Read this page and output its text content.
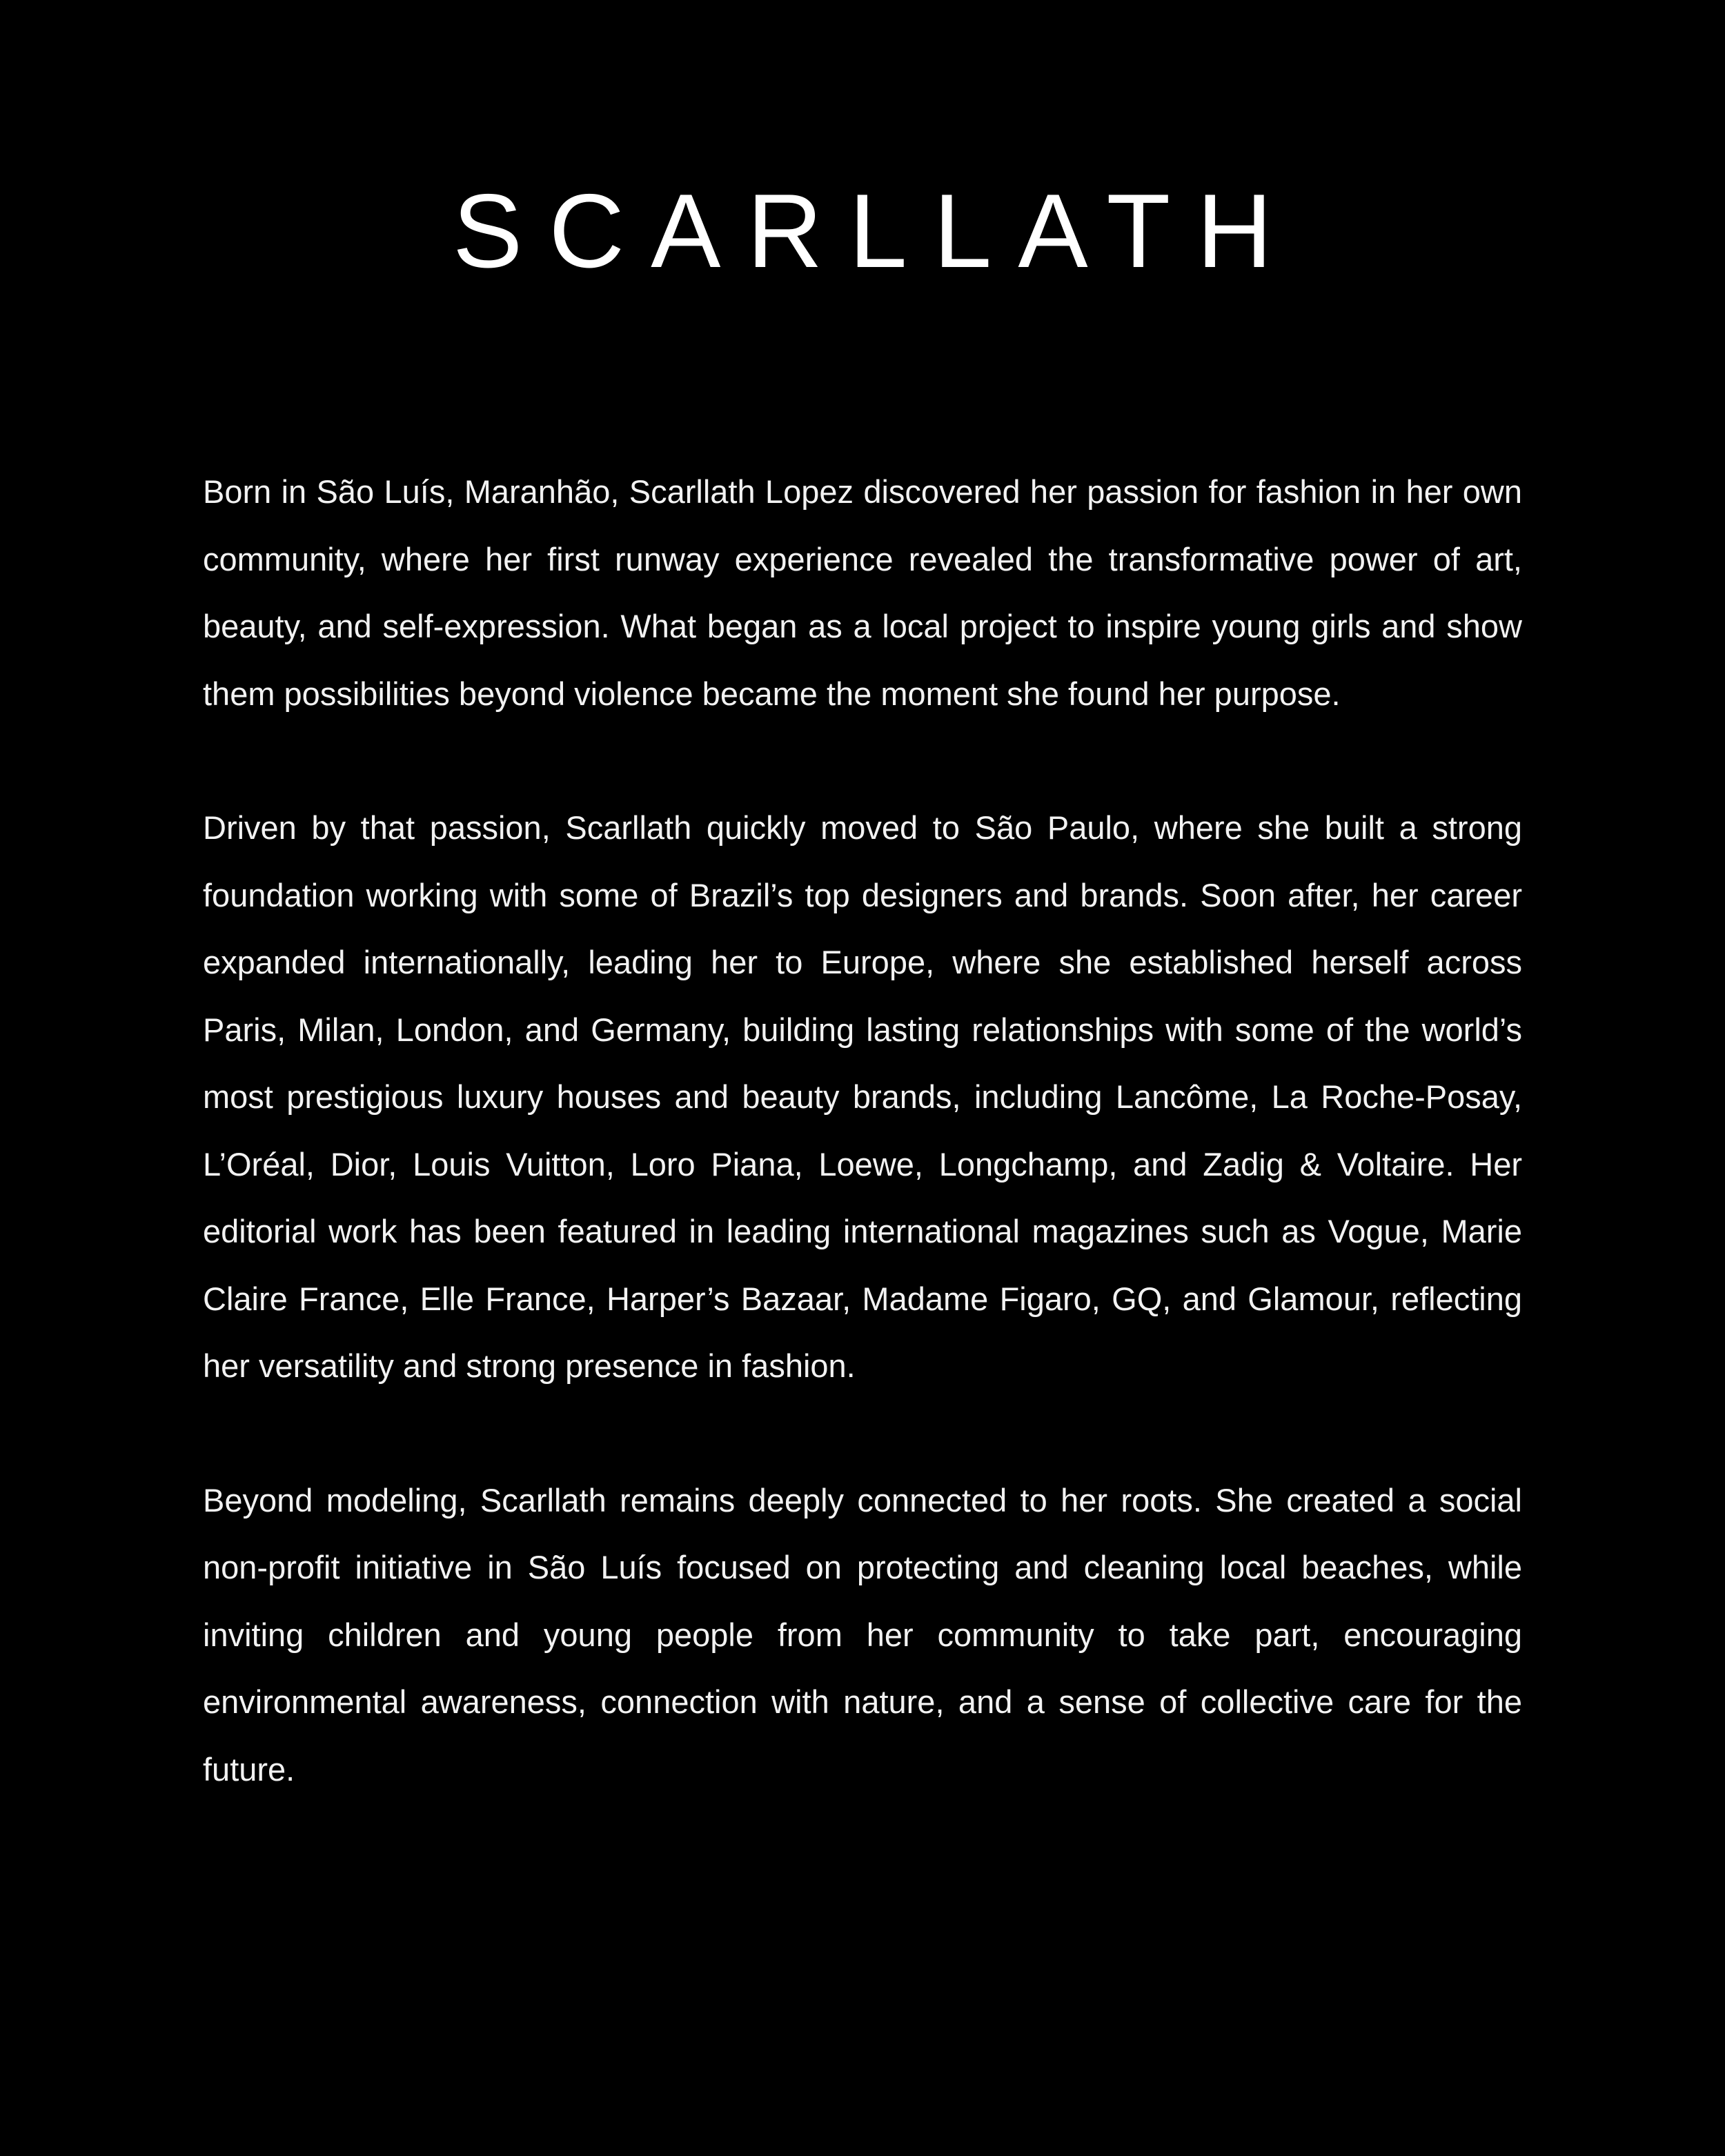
SCARLLATH

Born in São Luís, Maranhão, Scarllath Lopez discovered her passion for fashion in her own community, where her first runway experience revealed the transformative power of art, beauty, and self-expression. What began as a local project to inspire young girls and show them possibilities beyond violence became the moment she found her purpose.

Driven by that passion, Scarllath quickly moved to São Paulo, where she built a strong foundation working with some of Brazil’s top designers and brands. Soon after, her career expanded internationally, leading her to Europe, where she established herself across Paris, Milan, London, and Germany, building lasting relationships with some of the world’s most prestigious luxury houses and beauty brands, including Lancôme, La Roche-Posay, L’Oréal, Dior, Louis Vuitton, Loro Piana, Loewe, Longchamp, and Zadig & Voltaire. Her editorial work has been featured in leading international magazines such as Vogue, Marie Claire France, Elle France, Harper’s Bazaar, Madame Figaro, GQ, and Glamour, reflecting her versatility and strong presence in fashion.

Beyond modeling, Scarllath remains deeply connected to her roots. She created a social non-profit initiative in São Luís focused on protecting and cleaning local beaches, while inviting children and young people from her community to take part, encouraging environmental awareness, connection with nature, and a sense of collective care for the future.
